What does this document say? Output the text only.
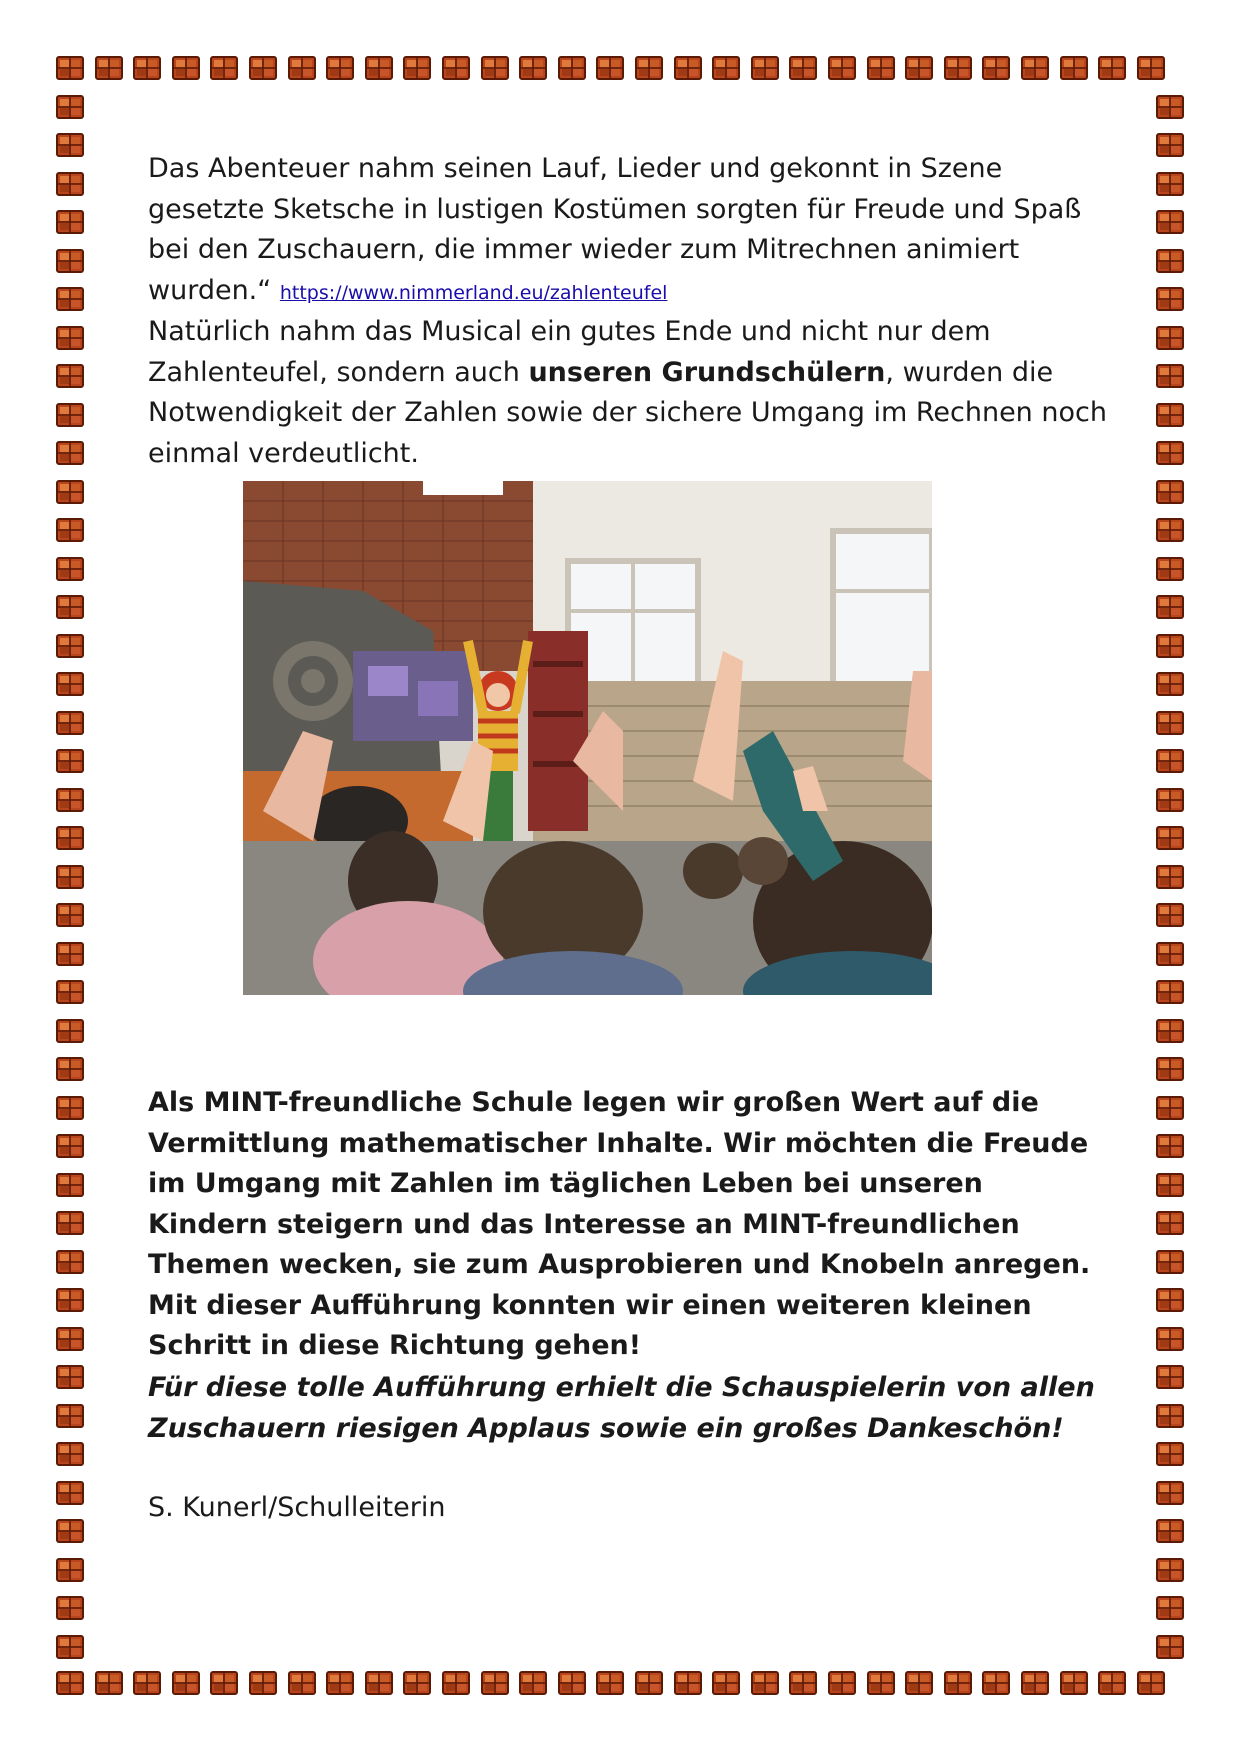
Das Abenteuer nahm seinen Lauf, Lieder und gekonnt in Szene gesetzte Sketsche in lustigen Kostümen sorgten für Freude und Spaß bei den Zuschauern, die immer wieder zum Mitrechnen animiert wurden.“ https://www.nimmerland.eu/zahlenteufel

Natürlich nahm das Musical ein gutes Ende und nicht nur dem Zahlenteufel, sondern auch unseren Grundschülern, wurden die Notwendigkeit der Zahlen sowie der sichere Umgang im Rechnen noch einmal verdeutlicht.

Als MINT-freundliche Schule legen wir großen Wert auf die Vermittlung mathematischer Inhalte. Wir möchten die Freude im Umgang mit Zahlen im täglichen Leben bei unseren Kindern steigern und das Interesse an MINT-freundlichen Themen wecken, sie zum Ausprobieren und Knobeln anregen. Mit dieser Aufführung konnten wir einen weiteren kleinen Schritt in diese Richtung gehen!

Für diese tolle Aufführung erhielt die Schauspielerin von allen Zuschauern riesigen Applaus sowie ein großes Dankeschön!

S. Kunerl/Schulleiterin
